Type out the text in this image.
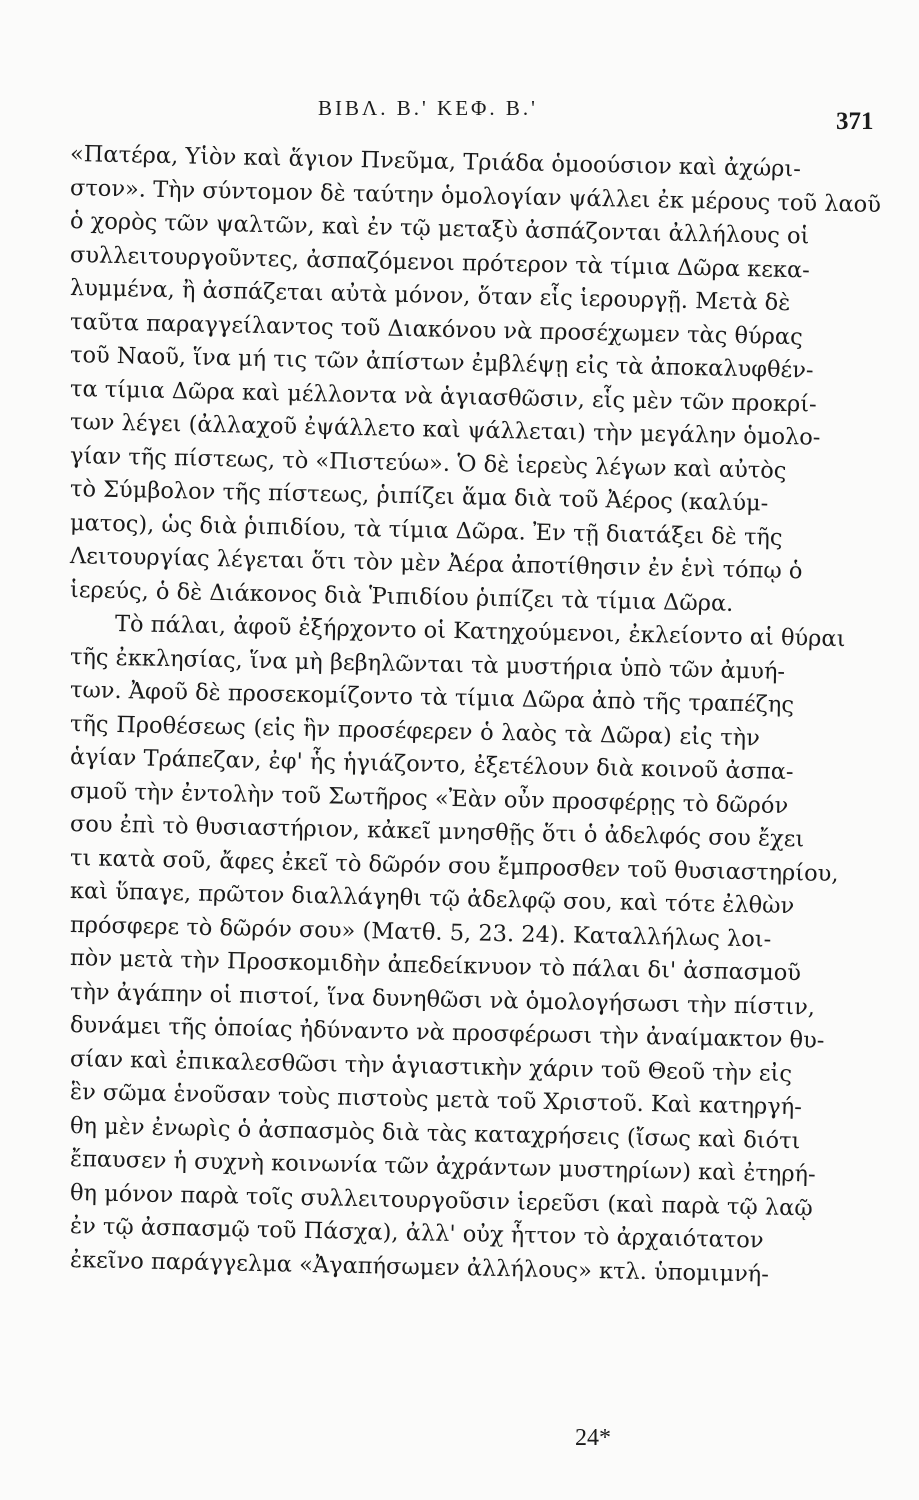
ΒΙΒΛ. Β.' ΚΕΦ. Β.'	371
«Πατέρα, Υἱὸν καὶ ἅγιον Πνεῦμα, Τριάδα ὁμοούσιον καὶ ἀχώρι-
στον». Τὴν σύντομον δὲ ταύτην ὁμολογίαν ψάλλει ἐκ μέρους τοῦ λαοῦ
ὁ χορὸς τῶν ψαλτῶν, καὶ ἐν τῷ μεταξὺ ἀσπάζονται ἀλλήλους οἱ
συλλειτουργοῦντες, ἀσπαζόμενοι πρότερον τὰ τίμια Δῶρα κεκα-
λυμμένα, ἢ ἀσπάζεται αὐτὰ μόνον, ὅταν εἷς ἱερουργῇ. Μετὰ δὲ
ταῦτα παραγγείλαντος τοῦ Διακόνου νὰ προσέχωμεν τὰς θύρας
τοῦ Ναοῦ, ἵνα μή τις τῶν ἀπίστων ἐμβλέψῃ εἰς τὰ ἀποκαλυφθέν-
τα τίμια Δῶρα καὶ μέλλοντα νὰ ἁγιασθῶσιν, εἷς μὲν τῶν προκρί-
των λέγει (ἀλλαχοῦ ἐψάλλετο καὶ ψάλλεται) τὴν μεγάλην ὁμολο-
γίαν τῆς πίστεως, τὸ «Πιστεύω». Ὁ δὲ ἱερεὺς λέγων καὶ αὐτὸς
τὸ Σύμβολον τῆς πίστεως, ῥιπίζει ἅμα διὰ τοῦ Ἀέρος (καλύμ-
ματος), ὡς διὰ ῥιπιδίου, τὰ τίμια Δῶρα. Ἐν τῇ διατάξει δὲ τῆς
Λειτουργίας λέγεται ὅτι τὸν μὲν Ἀέρα ἀποτίθησιν ἐν ἑνὶ τόπῳ ὁ
ἱερεύς, ὁ δὲ Διάκονος διὰ Ῥιπιδίου ῥιπίζει τὰ τίμια Δῶρα.
Τὸ πάλαι, ἀφοῦ ἐξήρχοντο οἱ Κατηχούμενοι, ἐκλείοντο αἱ θύραι
τῆς ἐκκλησίας, ἵνα μὴ βεβηλῶνται τὰ μυστήρια ὑπὸ τῶν ἀμυή-
των. Ἀφοῦ δὲ προσεκομίζοντο τὰ τίμια Δῶρα ἀπὸ τῆς τραπέζης
τῆς Προθέσεως (εἰς ἣν προσέφερεν ὁ λαὸς τὰ Δῶρα) εἰς τὴν
ἁγίαν Τράπεζαν, ἐφ' ἧς ἡγιάζοντο, ἐξετέλουν διὰ κοινοῦ ἀσπα-
σμοῦ τὴν ἐντολὴν τοῦ Σωτῆρος «Ἐὰν οὖν προσφέρῃς τὸ δῶρόν
σου ἐπὶ τὸ θυσιαστήριον, κἀκεῖ μνησθῇς ὅτι ὁ ἀδελφός σου ἔχει
τι κατὰ σοῦ, ἄφες ἐκεῖ τὸ δῶρόν σου ἔμπροσθεν τοῦ θυσιαστηρίου,
καὶ ὕπαγε, πρῶτον διαλλάγηθι τῷ ἀδελφῷ σου, καὶ τότε ἐλθὼν
πρόσφερε τὸ δῶρόν σου» (Ματθ. 5, 23. 24). Καταλλήλως λοι-
πὸν μετὰ τὴν Προσκομιδὴν ἀπεδείκνυον τὸ πάλαι δι' ἀσπασμοῦ
τὴν ἀγάπην οἱ πιστοί, ἵνα δυνηθῶσι νὰ ὁμολογήσωσι τὴν πίστιν,
δυνάμει τῆς ὁποίας ἠδύναντο νὰ προσφέρωσι τὴν ἀναίμακτον θυ-
σίαν καὶ ἐπικαλεσθῶσι τὴν ἁγιαστικὴν χάριν τοῦ Θεοῦ τὴν εἰς
ἓν σῶμα ἑνοῦσαν τοὺς πιστοὺς μετὰ τοῦ Χριστοῦ. Καὶ κατηργή-
θη μὲν ἐνωρὶς ὁ ἀσπασμὸς διὰ τὰς καταχρήσεις (ἴσως καὶ διότι
ἔπαυσεν ἡ συχνὴ κοινωνία τῶν ἀχράντων μυστηρίων) καὶ ἐτηρή-
θη μόνον παρὰ τοῖς συλλειτουργοῦσιν ἱερεῦσι (καὶ παρὰ τῷ λαῷ
ἐν τῷ ἀσπασμῷ τοῦ Πάσχα), ἀλλ' οὐχ ἧττον τὸ ἀρχαιότατον
ἐκεῖνο παράγγελμα «Ἀγαπήσωμεν ἀλλήλους» κτλ. ὑπομιμνή-
24*
